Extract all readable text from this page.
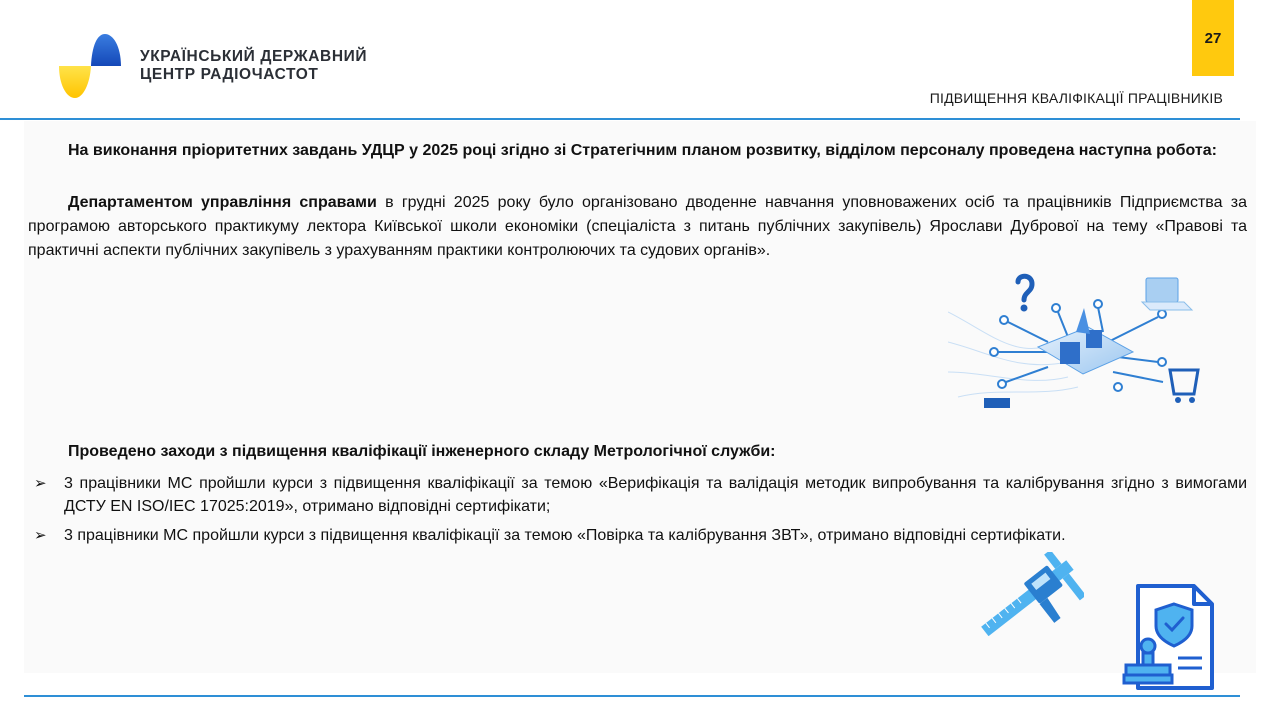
УКРАЇНСЬКИЙ ДЕРЖАВНИЙ
ЦЕНТР РАДІОЧАСТОТ
27
ПІДВИЩЕННЯ КВАЛІФІКАЦІЇ ПРАЦІВНИКІВ
На виконання пріоритетних завдань УДЦР у 2025 році згідно зі Стратегічним планом розвитку, відділом персоналу проведена наступна робота:
Департаментом управління справами в грудні 2025 року було організовано дводенне навчання уповноважених осіб та працівників Підприємства за програмою авторського практикуму лектора Київської школи економіки (спеціаліста з питань публічних закупівель) Ярослави Дубрової на тему «Правові та практичні аспекти публічних закупівель з урахуванням практики контролюючих та судових органів».
Проведено заходи з підвищення кваліфікації інженерного складу Метрологічної служби:
➢ 3 працівники МС пройшли курси з підвищення кваліфікації за темою «Верифікація та валідація методик випробування та калібрування згідно з вимогами ДСТУ EN ISO/IEC 17025:2019», отримано відповідні сертифікати;
➢ 3 працівники МС пройшли курси з підвищення кваліфікації за темою «Повірка та калібрування ЗВТ», отримано відповідні сертифікати.
